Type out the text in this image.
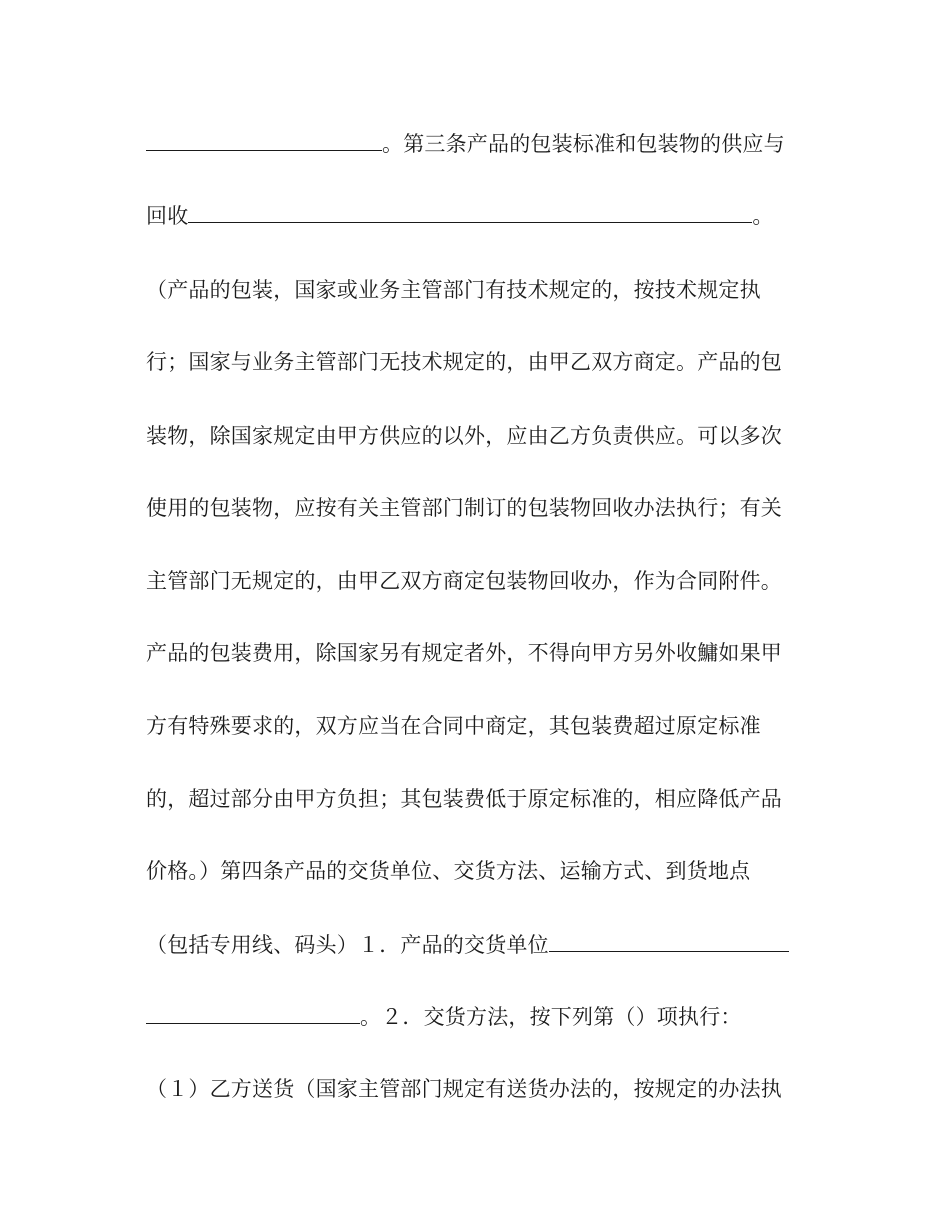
。第三条产品的包装标准和包装物的供应与
回收	。
（产品的包装，国家或业务主管部门有技术规定的，按技术规定执
行；国家与业务主管部门无技术规定的，由甲乙双方商定。产品的包
装物，除国家规定由甲方供应的以外，应由乙方负责供应。可以多次
使用的包装物，应按有关主管部门制订的包装物回收办法执行；有关
主管部门无规定的，由甲乙双方商定包装物回收办，作为合同附件。
产品的包装费用，除国家另有规定者外，不得向甲方另外收鱅如果甲
方有特殊要求的，双方应当在合同中商定，其包装费超过原定标准
的，超过部分由甲方负担；其包装费低于原定标准的，相应降低产品
价格。）第四条产品的交货单位、交货方法、运输方式、到货地点
（包括专用线、码头）１．产品的交货单位
。２．交货方法，按下列第（）项执行：
（１）乙方送货（国家主管部门规定有送货办法的，按规定的办法执
